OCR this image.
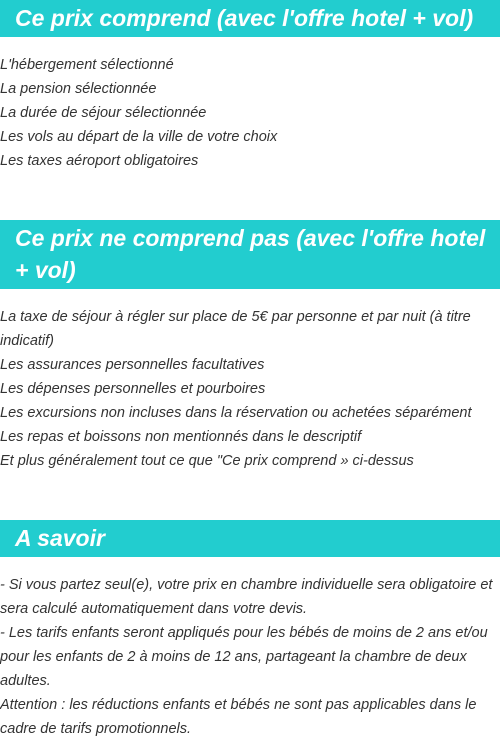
Ce prix comprend (avec l'offre hotel + vol)

L'hébergement sélectionné

La pension sélectionnée

La durée de séjour sélectionnée

Les vols au départ de la ville de votre choix

Les taxes aéroport obligatoires

Ce prix ne comprend pas (avec l'offre hotel + vol)

La taxe de séjour à régler sur place de 5€ par personne et par nuit (à titre indicatif)

Les assurances personnelles facultatives

Les dépenses personnelles et pourboires

Les excursions non incluses dans la réservation ou achetées séparément

Les repas et boissons non mentionnés dans le descriptif

Et plus généralement tout ce que "Ce prix comprend » ci-dessus

A savoir

- Si vous partez seul(e), votre prix en chambre individuelle sera obligatoire et sera calculé automatiquement dans votre devis.

- Les tarifs enfants seront appliqués pour les bébés de moins de 2 ans et/ou pour les enfants de 2 à moins de 12 ans, partageant la chambre de deux adultes.

Attention : les réductions enfants et bébés ne sont pas applicables dans le cadre de tarifs promotionnels.
